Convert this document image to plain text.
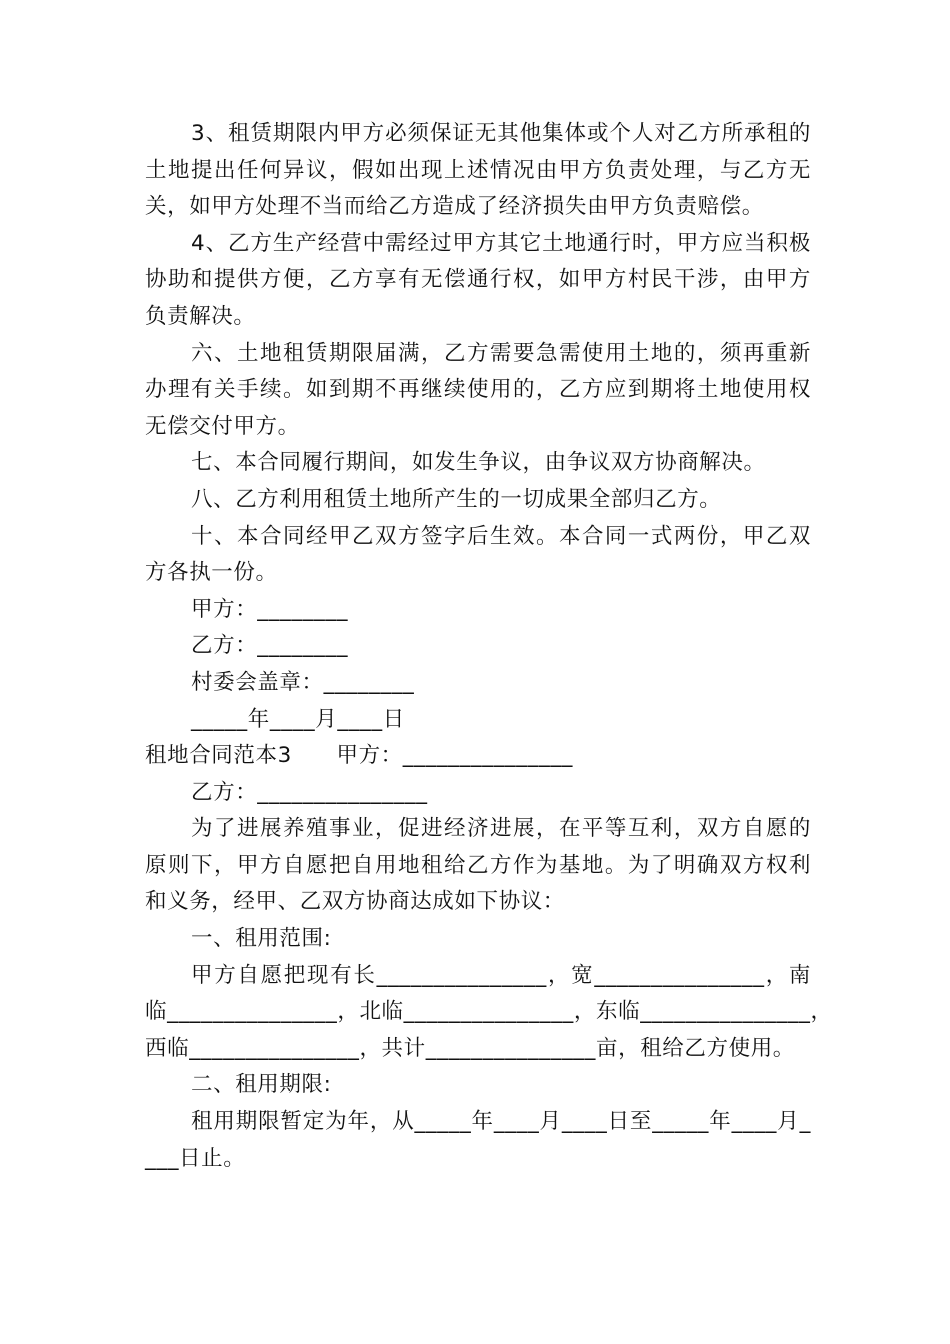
3、租赁期限内甲方必须保证无其他集体或个人对乙方所承租的
土地提出任何异议，假如出现上述情况由甲方负责处理，与乙方无
关，如甲方处理不当而给乙方造成了经济损失由甲方负责赔偿。
4、乙方生产经营中需经过甲方其它土地通行时，甲方应当积极
协助和提供方便，乙方享有无偿通行权，如甲方村民干涉，由甲方
负责解决。
六、土地租赁期限届满，乙方需要急需使用土地的，须再重新
办理有关手续。如到期不再继续使用的，乙方应到期将土地使用权
无偿交付甲方。
七、本合同履行期间，如发生争议，由争议双方协商解决。
八、乙方利用租赁土地所产生的一切成果全部归乙方。
十、本合同经甲乙双方签字后生效。本合同一式两份，甲乙双
方各执一份。
甲方：________
乙方：________
村委会盖章：________
_____年____月____日
租地合同范本3      甲方：_______________
乙方：_______________
为了进展养殖事业，促进经济进展，在平等互利，双方自愿的
原则下，甲方自愿把自用地租给乙方作为基地。为了明确双方权利
和义务，经甲、乙双方协商达成如下协议：
一、租用范围:
甲方自愿把现有长_______________，宽_______________，南
临_______________，北临_______________，东临_______________，
西临_______________，共计_______________亩，租给乙方使用。
二、租用期限:
租用期限暂定为年，从_____年____月____日至_____年____月_
___日止。
